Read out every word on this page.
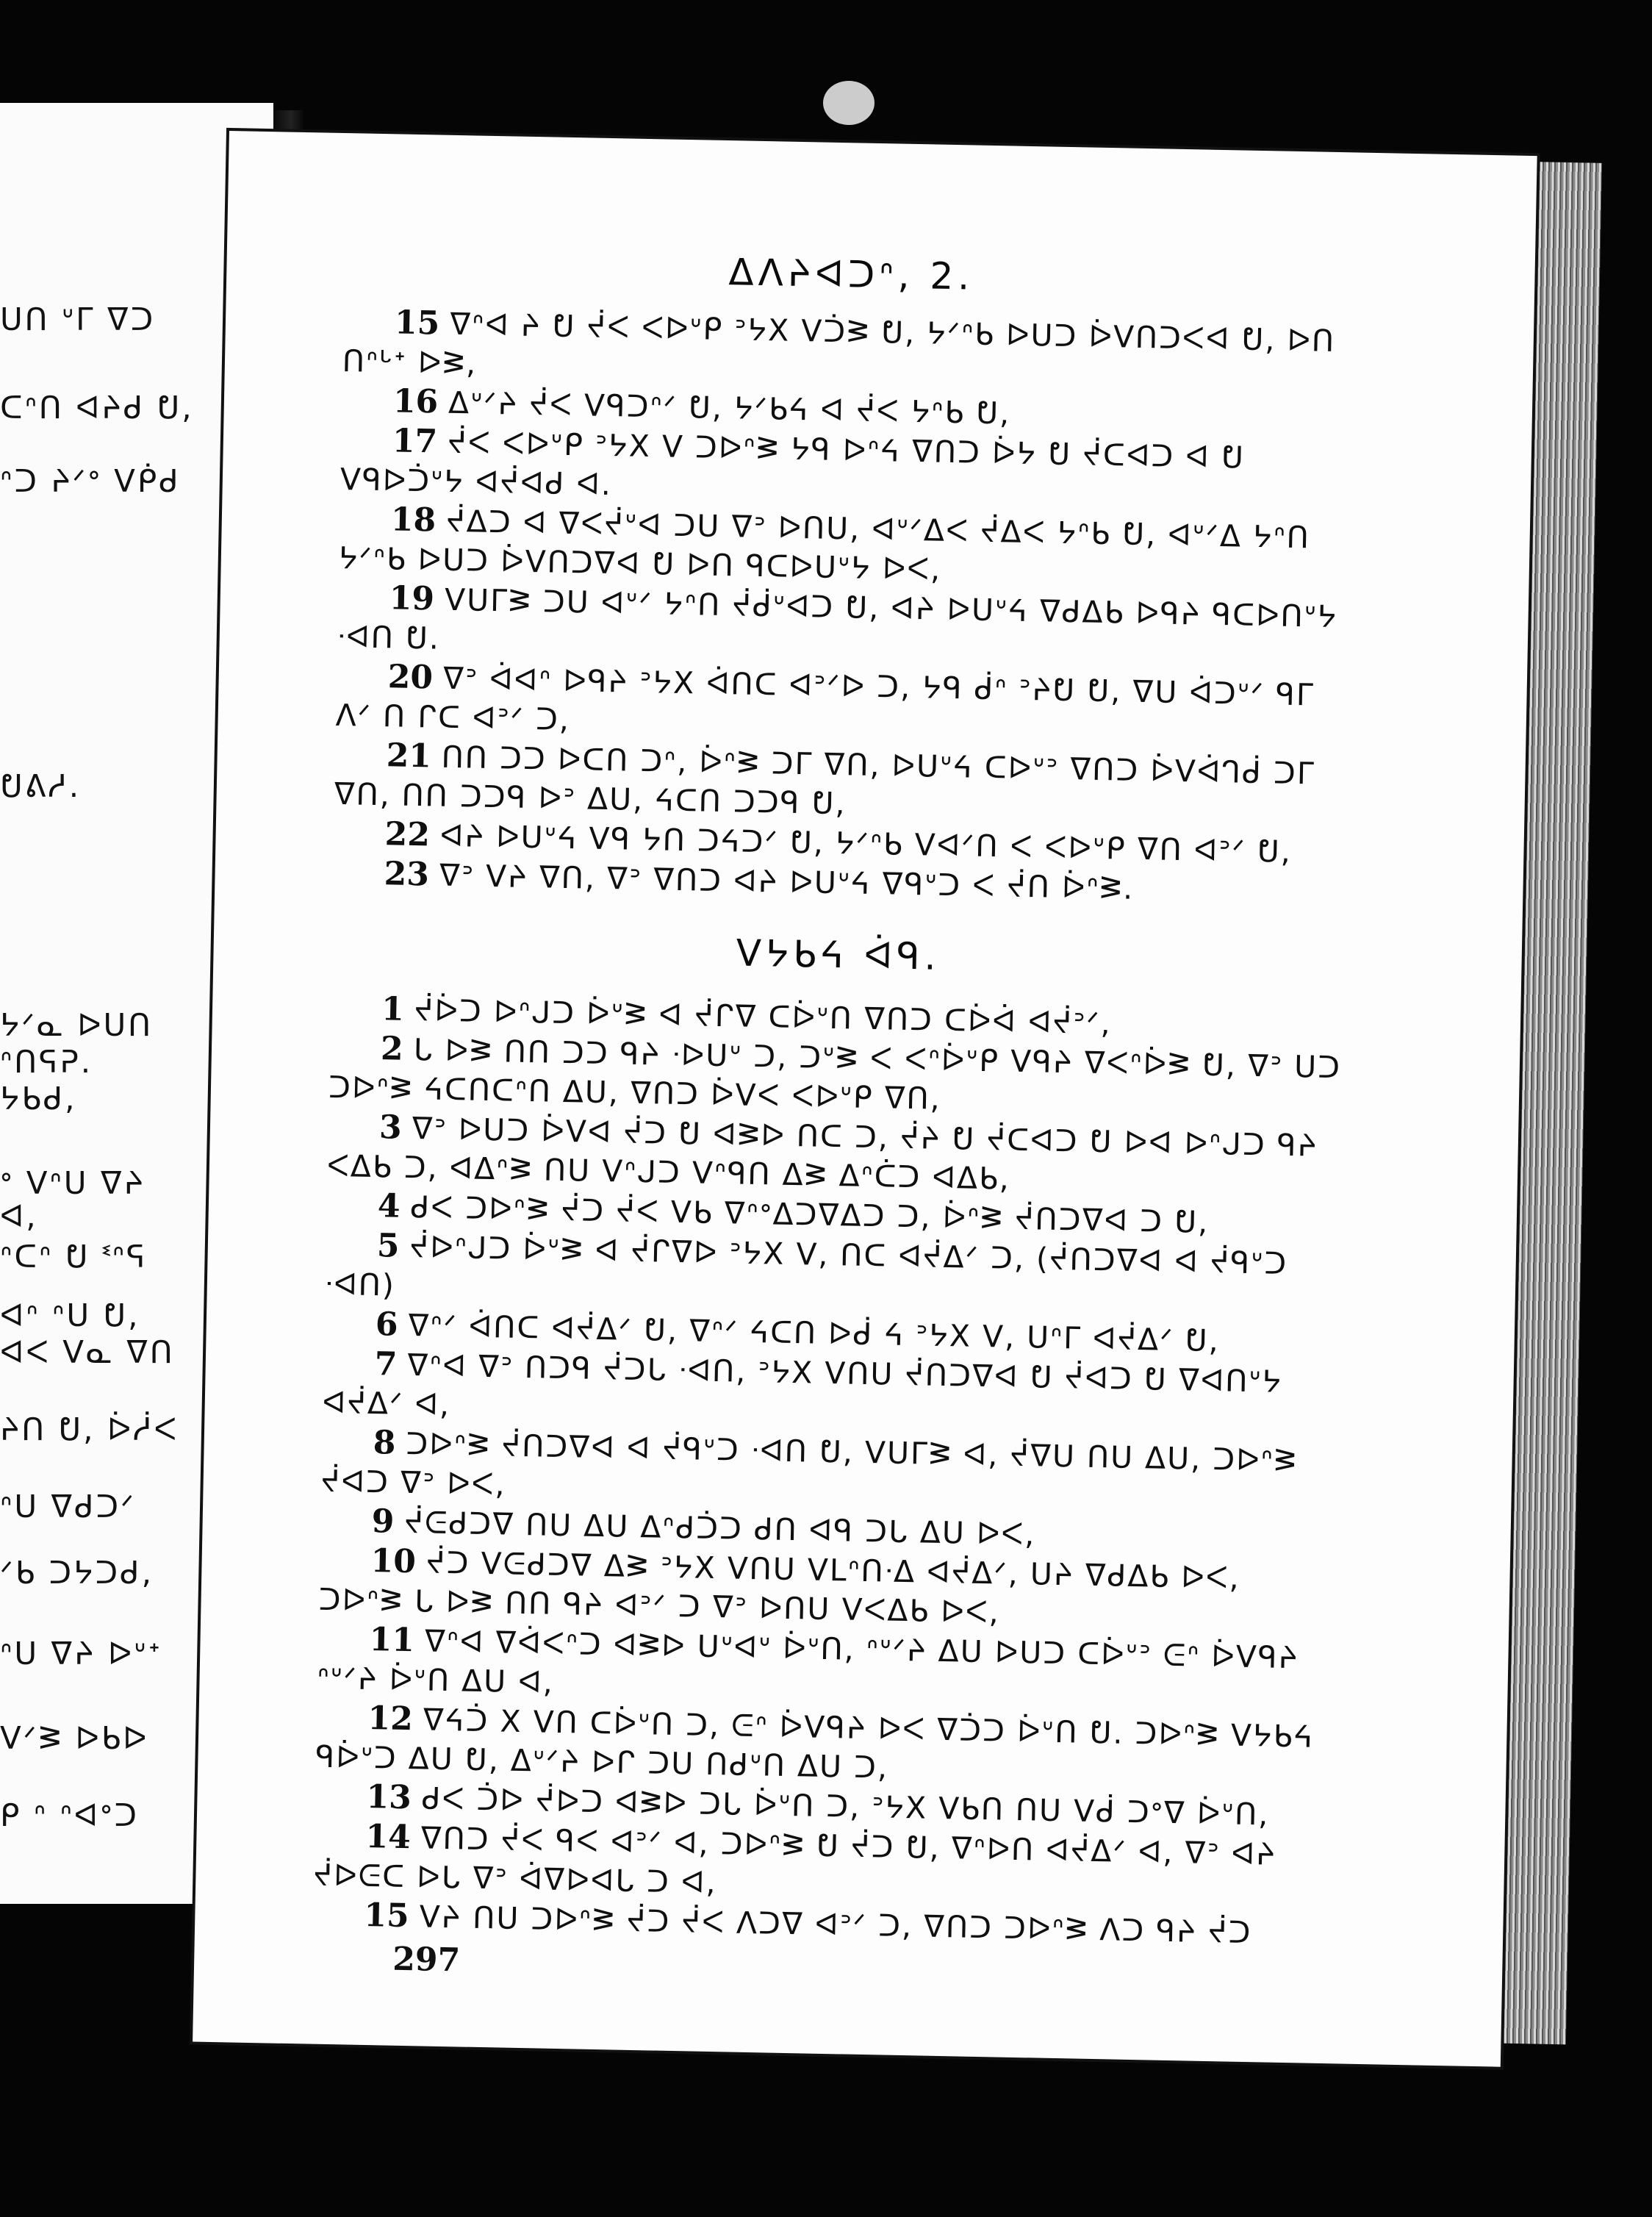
ᑌᑎ ᐡᒥ ᐁᑐ
ᑕᐢᑎ ᐊᔨᑯ ᕞ,
ᐢᑐ ᔨᐟᐤ ᐯᑮᑯ
ᕞᕕᓱ.
ᔭᐟᓇ ᐅᑌᑎ
ᐢᑎᕋᕈ.
ᔭᑲᑯ,
ᐤ ᐯᐢᑌ ᐁᔨ
ᐊ,
ᐢᑕᐢ ᕞ ᓫᐢᕋ
ᐊᐢ ᐢᑌ ᕞ,
ᐊᐸ ᐯᓇ ᐁᑎ
ᔨᑎ ᕞ, ᐆᓲᐸ
ᐢᑌ ᐁᑯᑐᐟ
ᐟᑲ ᑐᔭᑐᑯ,
ᐢᑌ ᐁᔨ ᐅᐡᐩ
ᐯᐟᕒ ᐅᑲᐅ
ᑭ ᐢ ᐢᐊᐤᑐ
ᐃᐱᔨᐊᑐᐢ, 2.

15 ᐁᐢᐊ ᔨ ᕞ ᔫᐸ ᐸᐅᐡᑭ ᐣᔭX ᐯᑑᕒ ᕞ, ᔭᐟᐢᑲ ᐅᑌᑐ ᐆᐯᑎᑐᐸᐊ ᕞ, ᐅᑎ ᑎᐢᒡᐩ ᐅᕒ,

16 ᐃᐡᐟᔨ ᔫᐸ ᐯᑫᑐᐢᐟ ᕞ, ᔭᐟᑲᔦ ᐊ ᔫᐸ ᔭᐢᑲ ᕞ,

17 ᔫᐸ ᐸᐅᐡᑭ ᐣᔭX ᐯ ᑐᐅᐢᕒ ᔭᑫ ᐅᐢᔦ ᐁᑎᑐ ᐆᔭ ᕞ ᔫᑕᐊᑐ ᐊ ᕞ ᐯᑫᐅᑑᐡᔭ ᐊᔫᐊᑯ ᐊ.

18 ᔫᐃᑐ ᐊ ᐁᐸᔫᐡᐊ ᑐᑌ ᐁᐣ ᐅᑎᑌ, ᐊᐡᐟᐃᐸ ᔫᐃᐸ ᔭᐢᑲ ᕞ, ᐊᐡᐟᐃ ᔭᐢᑎ ᔭᐟᐢᑲ ᐅᑌᑐ ᐆᐯᑎᑐᐁᐊ ᕞ ᐅᑎ ᑫᑕᐅᑌᐡᔭ ᐅᐸ,

19 ᐯᑌᒥᕒ ᑐᑌ ᐊᐡᐟ ᔭᐢᑎ ᔫᑰᐡᐊᑐ ᕞ, ᐊᔨ ᐅᑌᐡᔦ ᐁᑯᐃᑲ ᐅᑫᔨ ᑫᑕᐅᑎᐡᔭ ᐧᐊᑎ ᕞ.

20 ᐁᐣ ᐋᐊᐢ ᐅᑫᔨ ᐣᔭX ᐋᑎᑕ ᐊᐣᐟᐅ ᑐ, ᔭᑫ ᑰᐢ ᐣᔨᕞ ᕞ, ᐁᑌ ᐋᑐᐡᐟ ᑫᒥ ᐱᐟ ᑎ ᒋᑕ ᐊᐣᐟ ᑐ,

21 ᑎᑎ ᑐᑐ ᐅᑕᑎ ᑐᐢ, ᐆᐢᕒ ᑐᒥ ᐁᑎ, ᐅᑌᐡᔦ ᑕᐅᐡᐣ ᐁᑎᑐ ᐆᐯᐋᒉᑰ ᑐᒥ ᐁᑎ, ᑎᑎ ᑐᑐᑫ ᐅᐣ ᐃᑌ, ᔦᑕᑎ ᑐᑐᑫ ᕞ,

22 ᐊᔨ ᐅᑌᐡᔦ ᐯᑫ ᔭᑎ ᑐᔦᑐᐟ ᕞ, ᔭᐟᐢᑲ ᐯᐊᐟᑎ ᐸ ᐸᐅᐡᑭ ᐁᑎ ᐊᐣᐟ ᕞ,

23 ᐁᐣ ᐯᔨ ᐁᑎ, ᐁᐣ ᐁᑎᑐ ᐊᔨ ᐅᑌᐡᔦ ᐁᑫᐡᑐ ᐸ ᔫᑎ ᐆᐢᕒ.

ᐯᔭᑲᔦ ᐋᑫ.

1 ᔫᐆᑐ ᐅᐢᒍᑐ ᐆᐡᕒ ᐊ ᔫᒋᐁ ᑕᐆᐡᑎ ᐁᑎᑐ ᑕᐆᐋ ᐊᔫᐣᐟ,

2 ᒐ ᐅᕒ ᑎᑎ ᑐᑐ ᑫᔨ ᐧᐅᑌᐡ ᑐ, ᑐᐡᕒ ᐸ ᐸᐢᐆᐡᑭ ᐯᑫᔨ ᐁᐸᐢᐆᕒ ᕞ, ᐁᐣ ᑌᑐ ᑐᐅᐢᕒ ᔦᑕᑎᑕᐢᑎ ᐃᑌ, ᐁᑎᑐ ᐆᐯᐸ ᐸᐅᐡᑭ ᐁᑎ,

3 ᐁᐣ ᐅᑌᑐ ᐆᐯᐊ ᔫᑐ ᕞ ᐊᕒᐅ ᑎᑕ ᑐ, ᔫᔨ ᕞ ᔫᑕᐊᑐ ᕞ ᐅᐊ ᐅᐢᒍᑐ ᑫᔨ ᐸᐃᑲ ᑐ, ᐊᐃᐢᕒ ᑎᑌ ᐯᐢᒍᑐ ᐯᐢᑫᑎ ᐃᕒ ᐃᐢᑖᑐ ᐊᐃᑲ,

4 ᑯᐸ ᑐᐅᐢᕒ ᔫᑐ ᔫᐸ ᐯᑲ ᐁᐢᐤᐃᑐᐁᐃᑐ ᑐ, ᐆᐢᕒ ᔫᑎᑐᐁᐊ ᑐ ᕞ,

5 ᔫᐅᐢᒍᑐ ᐆᐡᕒ ᐊ ᔫᒋᐁᐅ ᐣᔭX ᐯ, ᑎᑕ ᐊᔫᐃᐟ ᑐ, (ᔫᑎᑐᐁᐊ ᐊ ᔫᑫᐡᑐ ᐧᐊᑎ)

6 ᐁᐢᐟ ᐋᑎᑕ ᐊᔫᐃᐟ ᕞ, ᐁᐢᐟ ᔦᑕᑎ ᐅᑰ ᔦ ᐣᔭX ᐯ, ᑌᐢᒥ ᐊᔫᐃᐟ ᕞ,

7 ᐁᐢᐊ ᐁᐣ ᑎᑐᑫ ᔫᑐᒐ ᐧᐊᑎ, ᐣᔭX ᐯᑎᑌ ᔫᑎᑐᐁᐊ ᕞ ᔫᐊᑐ ᕞ ᐁᐊᑎᐡᔭ ᐊᔫᐃᐟ ᐊ,

8 ᑐᐅᐢᕒ ᔫᑎᑐᐁᐊ ᐊ ᔫᑫᐡᑐ ᐧᐊᑎ ᕞ, ᐯᑌᒥᕒ ᐊ, ᔫᐁᑌ ᑎᑌ ᐃᑌ, ᑐᐅᐢᕒ ᔫᐊᑐ ᐁᐣ ᐅᐸ,

9 ᔫᕮᑯᑐᐁ ᑎᑌ ᐃᑌ ᐃᐢᑯᑑᑐ ᑯᑎ ᐊᑫ ᑐᒐ ᐃᑌ ᐅᐸ,

10 ᔫᑐ ᐯᕮᑯᑐᐁ ᐃᕒ ᐣᔭX ᐯᑎᑌ ᐯᒪᐢᑎᐧᐃ ᐊᔫᐃᐟ, ᑌᔨ ᐁᑯᐃᑲ ᐅᐸ, ᑐᐅᐢᕒ ᒐ ᐅᕒ ᑎᑎ ᑫᔨ ᐊᐣᐟ ᑐ ᐁᐣ ᐅᑎᑌ ᐯᐸᐃᑲ ᐅᐸ,

11 ᐁᐢᐊ ᐁᐋᐸᐢᑐ ᐊᕒᐅ ᑌᐡᐊᐡ ᐆᐡᑎ, ᐢᐡᐟᔨ ᐃᑌ ᐅᑌᑐ ᑕᐆᐡᐣ ᕮᐢ ᐆᐯᑫᔨ ᐢᐡᐟᔨ ᐆᐡᑎ ᐃᑌ ᐊ,

12 ᐁᔦᑑ X ᐯᑎ ᑕᐆᐡᑎ ᑐ, ᕮᐢ ᐆᐯᑫᔨ ᐅᐸ ᐁᑑᑐ ᐆᐡᑎ ᕞ. ᑐᐅᐢᕒ ᐯᔭᑲᔦ ᑫᐆᐡᑐ ᐃᑌ ᕞ, ᐃᐡᐟᔨ ᐅᒋ ᑐᑌ ᑎᑯᐡᑎ ᐃᑌ ᑐ,

13 ᑯᐸ ᑑᐅ ᔫᐅᑐ ᐊᕒᐅ ᑐᒐ ᐆᐡᑎ ᑐ, ᐣᔭX ᐯᑲᑎ ᑎᑌ ᐯᑰ ᑐᐤᐁ ᐆᐡᑎ,

14 ᐁᑎᑐ ᔫᐸ ᑫᐸ ᐊᐣᐟ ᐊ, ᑐᐅᐢᕒ ᕞ ᔫᑐ ᕞ, ᐁᐢᐅᑎ ᐊᔫᐃᐟ ᐊ, ᐁᐣ ᐊᔨ ᔫᐅᕮᑕ ᐅᒐ ᐁᐣ ᐋᐁᐅᐊᒐ ᑐ ᐊ,

15 ᐯᔨ ᑎᑌ ᑐᐅᐢᕒ ᔫᑐ ᔫᐸ ᐱᑐᐁ ᐊᐣᐟ ᑐ, ᐁᑎᑐ ᑐᐅᐢᕒ ᐱᑐ ᑫᔨ ᔫᑐ

297
